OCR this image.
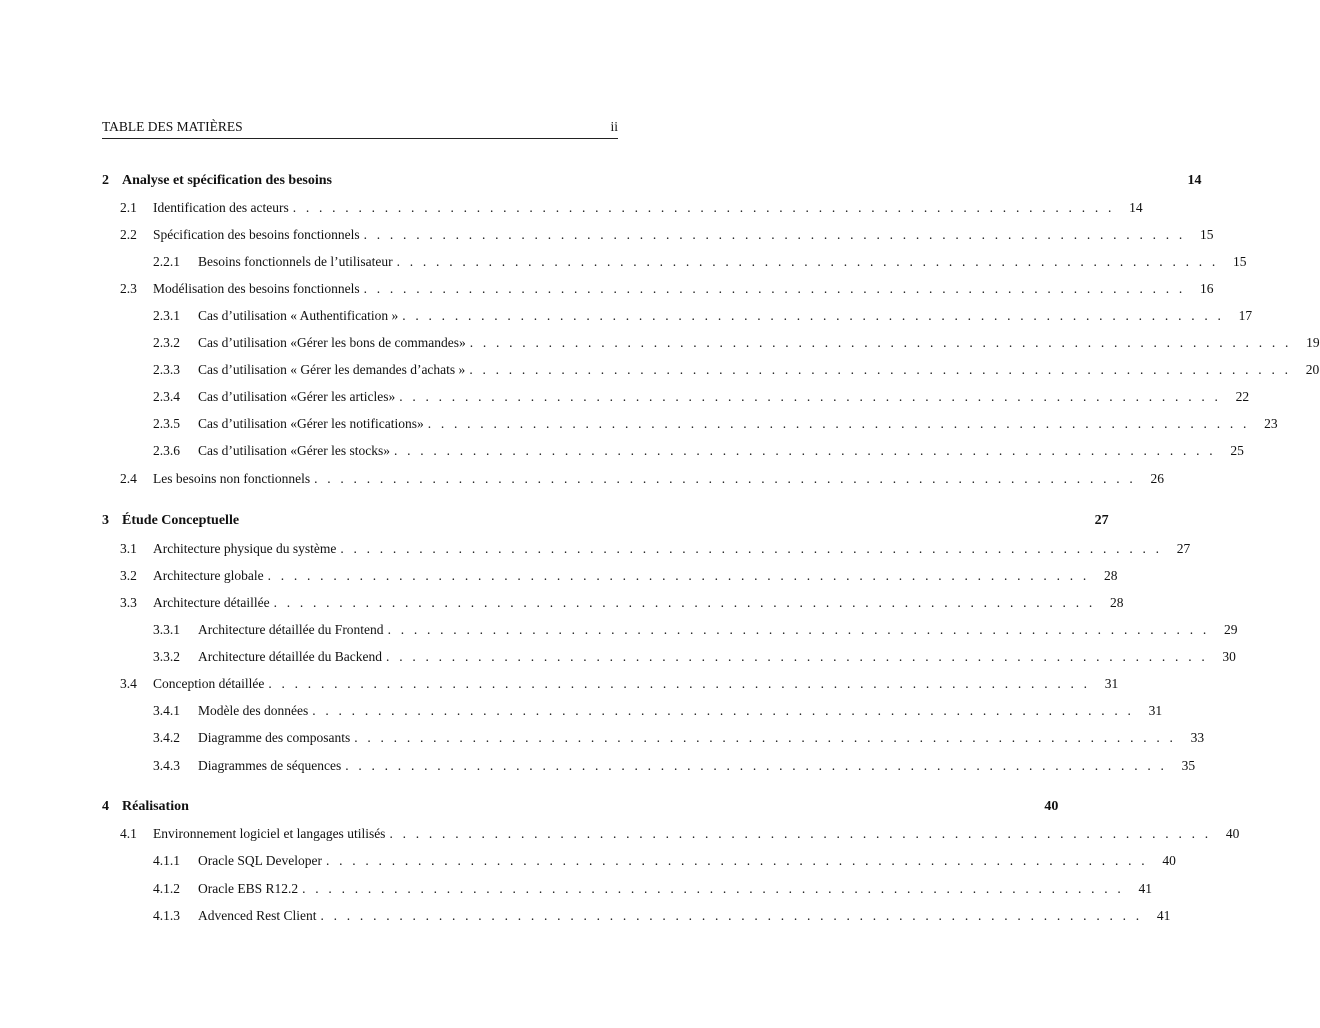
TABLE DES MATIÈRES	ii
2 Analyse et spécification des besoins	14
2.1 Identification des acteurs . . . . . . . . . . . . . . . . . . . . . . . . . . . . . . . . . . . . . . . . . . . . . . . . . . . . . . . . . . . . . . .	14
2.2 Spécification des besoins fonctionnels . . . . . . . . . . . . . . . . . . . . . . . . . . . . . . . . . . . . . . . . . . . . . . . . . . . . . . . . . . . . . . .	15
2.2.1 Besoins fonctionnels de l’utilisateur . . . . . . . . . . . . . . . . . . . . . . . . . . . . . . . . . . . . . . . . . . . . . . . . . . . . . . . . . . . . . . .	15
2.3 Modélisation des besoins fonctionnels . . . . . . . . . . . . . . . . . . . . . . . . . . . . . . . . . . . . . . . . . . . . . . . . . . . . . . . . . . . . . . .	16
2.3.1 Cas d’utilisation « Authentification » . . . . . . . . . . . . . . . . . . . . . . . . . . . . . . . . . . . . . . . . . . . . . . . . . . . . . . . . . . . . . . .	17
2.3.2 Cas d’utilisation «Gérer les bons de commandes» . . . . . . . . . . . . . . . . . . . . . . . . . . . . . . . . . . . . . . . . . . . . . . . . . . . . . . . . . . . . . . .	19
2.3.3 Cas d’utilisation « Gérer les demandes d’achats » . . . . . . . . . . . . . . . . . . . . . . . . . . . . . . . . . . . . . . . . . . . . . . . . . . . . . . . . . . . . . . .	20
2.3.4 Cas d’utilisation «Gérer les articles» . . . . . . . . . . . . . . . . . . . . . . . . . . . . . . . . . . . . . . . . . . . . . . . . . . . . . . . . . . . . . . .	22
2.3.5 Cas d’utilisation «Gérer les notifications» . . . . . . . . . . . . . . . . . . . . . . . . . . . . . . . . . . . . . . . . . . . . . . . . . . . . . . . . . . . . . . .	23
2.3.6 Cas d’utilisation «Gérer les stocks» . . . . . . . . . . . . . . . . . . . . . . . . . . . . . . . . . . . . . . . . . . . . . . . . . . . . . . . . . . . . . . .	25
2.4 Les besoins non fonctionnels . . . . . . . . . . . . . . . . . . . . . . . . . . . . . . . . . . . . . . . . . . . . . . . . . . . . . . . . . . . . . . .	26
3 Étude Conceptuelle	27
3.1 Architecture physique du système . . . . . . . . . . . . . . . . . . . . . . . . . . . . . . . . . . . . . . . . . . . . . . . . . . . . . . . . . . . . . . .	27
3.2 Architecture globale . . . . . . . . . . . . . . . . . . . . . . . . . . . . . . . . . . . . . . . . . . . . . . . . . . . . . . . . . . . . . . .	28
3.3 Architecture détaillée . . . . . . . . . . . . . . . . . . . . . . . . . . . . . . . . . . . . . . . . . . . . . . . . . . . . . . . . . . . . . . .	28
3.3.1 Architecture détaillée du Frontend . . . . . . . . . . . . . . . . . . . . . . . . . . . . . . . . . . . . . . . . . . . . . . . . . . . . . . . . . . . . . . .	29
3.3.2 Architecture détaillée du Backend . . . . . . . . . . . . . . . . . . . . . . . . . . . . . . . . . . . . . . . . . . . . . . . . . . . . . . . . . . . . . . .	30
3.4 Conception détaillée . . . . . . . . . . . . . . . . . . . . . . . . . . . . . . . . . . . . . . . . . . . . . . . . . . . . . . . . . . . . . . .	31
3.4.1 Modèle des données . . . . . . . . . . . . . . . . . . . . . . . . . . . . . . . . . . . . . . . . . . . . . . . . . . . . . . . . . . . . . . .	31
3.4.2 Diagramme des composants . . . . . . . . . . . . . . . . . . . . . . . . . . . . . . . . . . . . . . . . . . . . . . . . . . . . . . . . . . . . . . .	33
3.4.3 Diagrammes de séquences . . . . . . . . . . . . . . . . . . . . . . . . . . . . . . . . . . . . . . . . . . . . . . . . . . . . . . . . . . . . . . .	35
4 Réalisation	40
4.1 Environnement logiciel et langages utilisés . . . . . . . . . . . . . . . . . . . . . . . . . . . . . . . . . . . . . . . . . . . . . . . . . . . . . . . . . . . . . . .	40
4.1.1 Oracle SQL Developer . . . . . . . . . . . . . . . . . . . . . . . . . . . . . . . . . . . . . . . . . . . . . . . . . . . . . . . . . . . . . . .	40
4.1.2 Oracle EBS R12.2 . . . . . . . . . . . . . . . . . . . . . . . . . . . . . . . . . . . . . . . . . . . . . . . . . . . . . . . . . . . . . . .	41
4.1.3 Advenced Rest Client . . . . . . . . . . . . . . . . . . . . . . . . . . . . . . . . . . . . . . . . . . . . . . . . . . . . . . . . . . . . . . .	41
